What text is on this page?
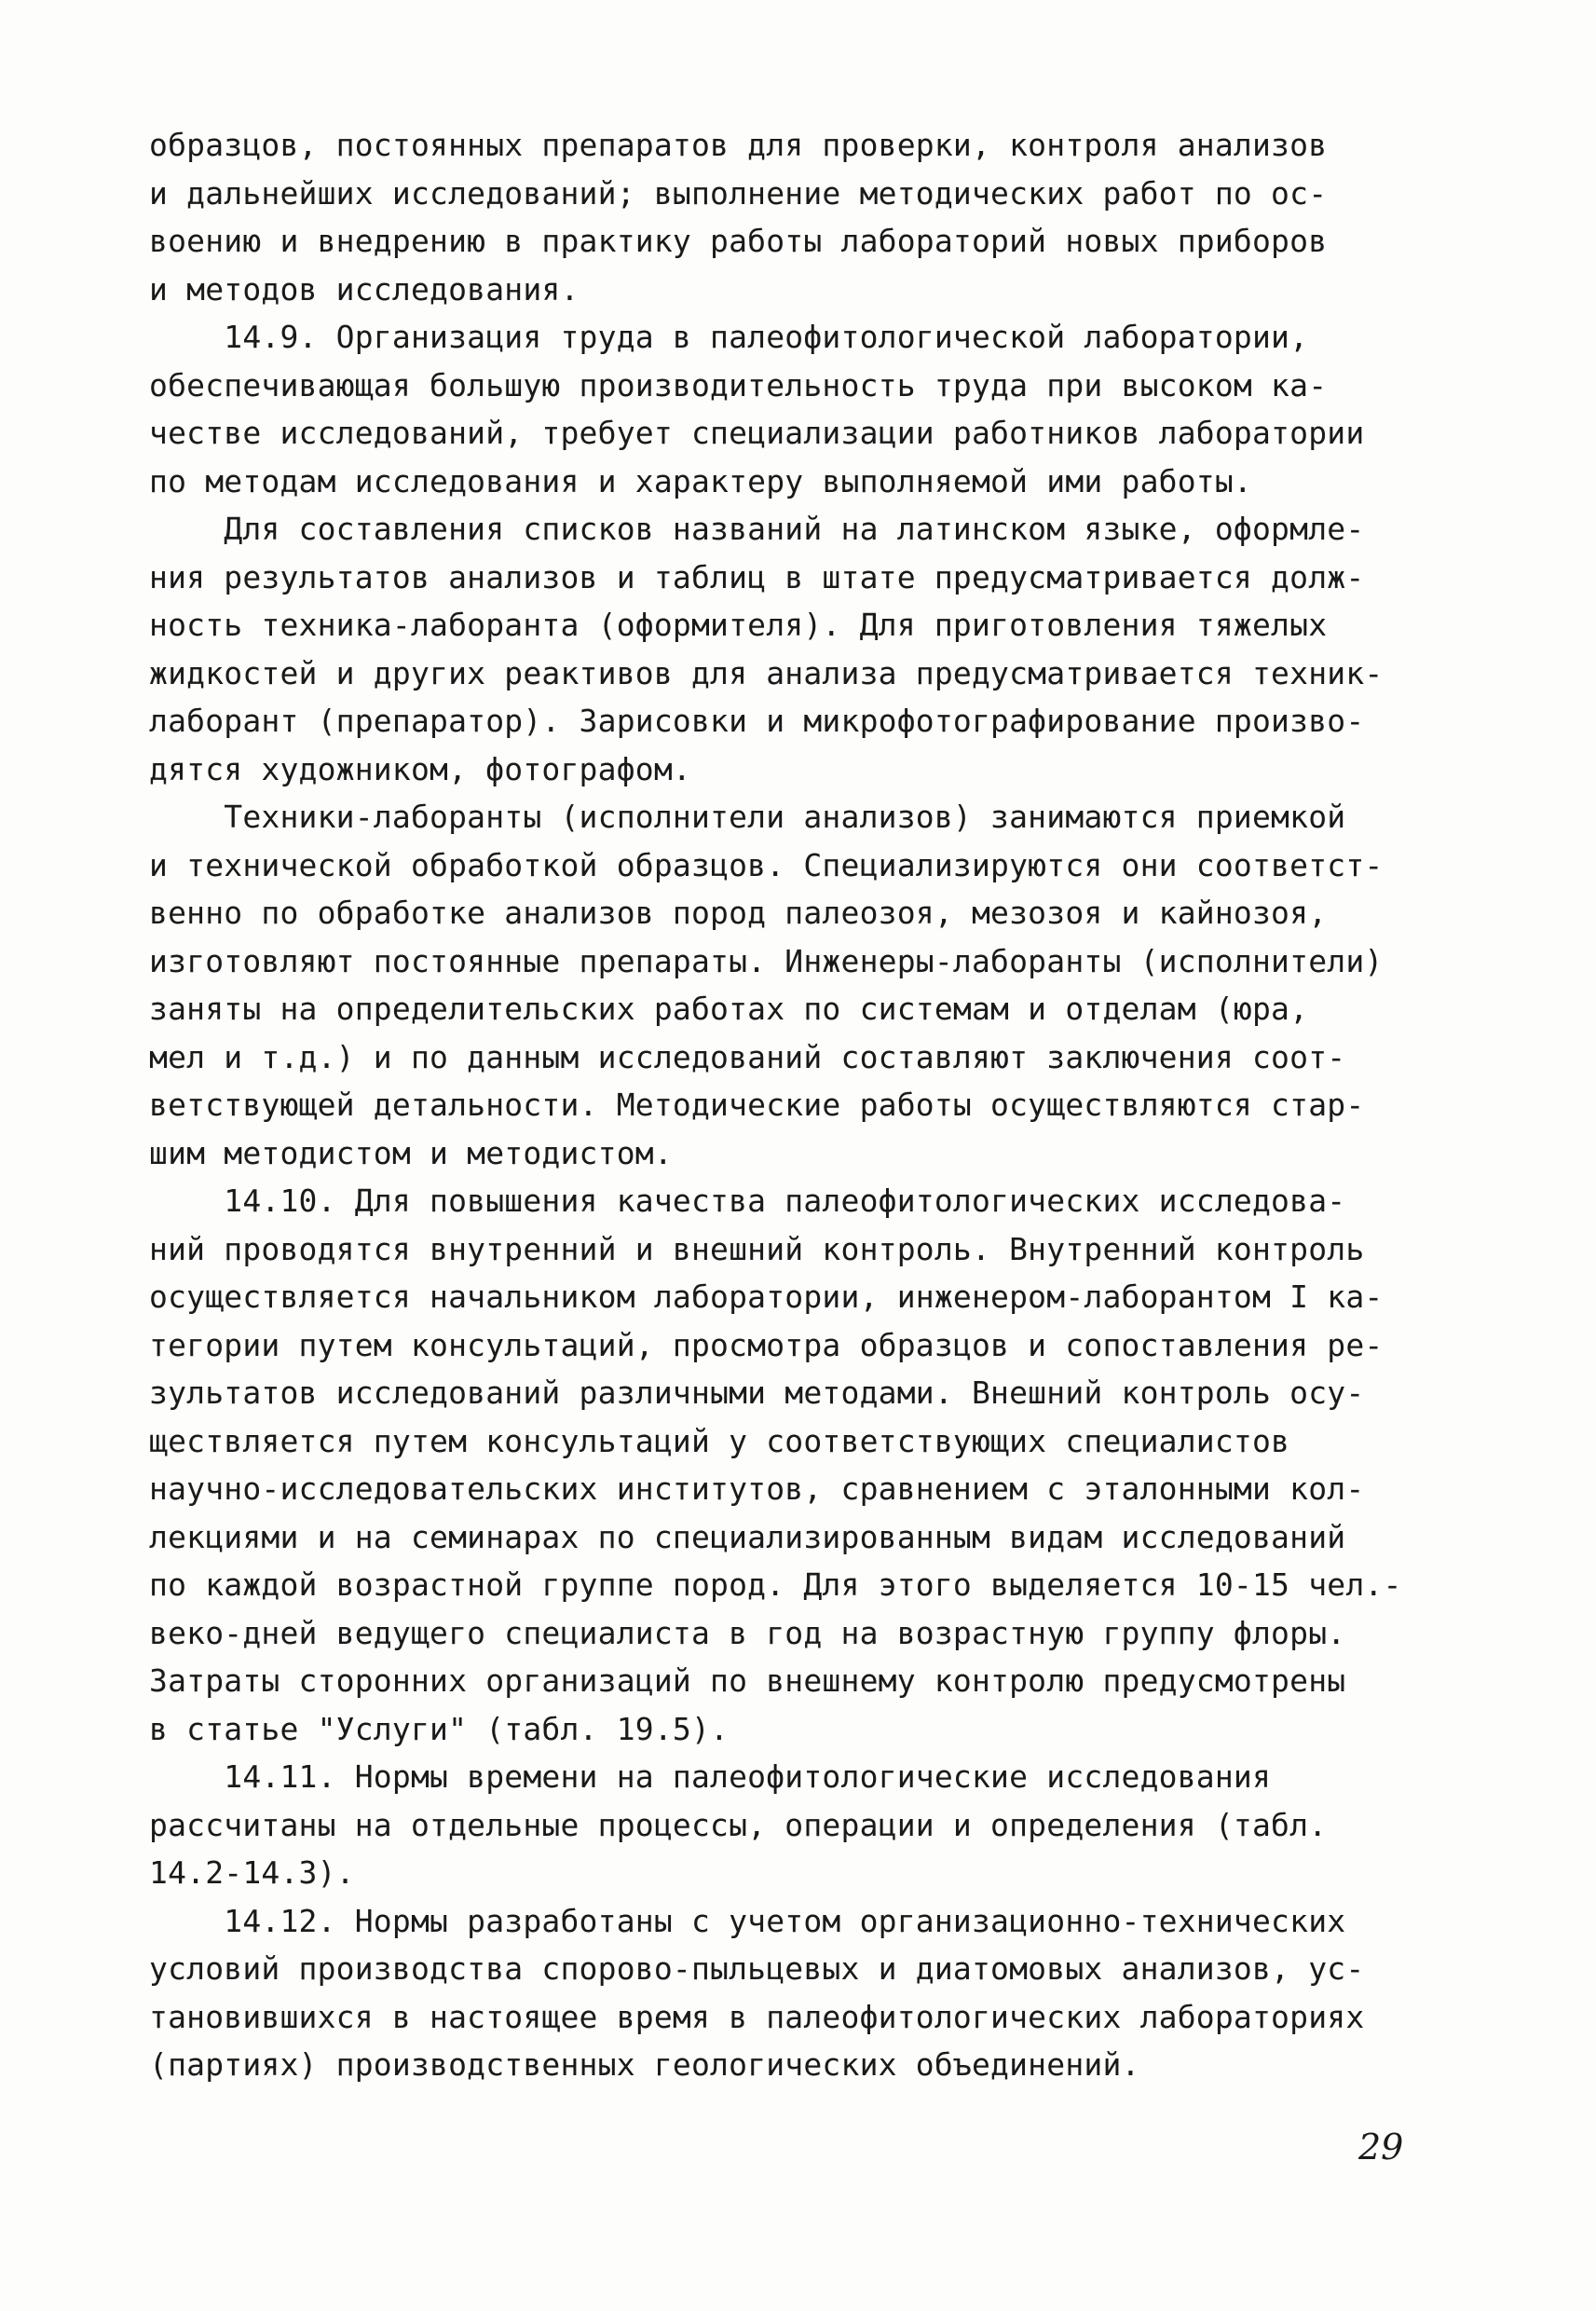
образцов, постоянных препаратов для проверки, контроля анализов
и дальнейших исследований; выполнение методических работ по ос-
воению и внедрению в практику работы лабораторий новых приборов
и методов исследования.
14.9. Организация труда в палеофитологической лаборатории,
обеспечивающая большую производительность труда при высоком ка-
честве исследований, требует специализации работников лаборатории
по методам исследования и характеру выполняемой ими работы.
Для составления списков названий на латинском языке, оформле-
ния результатов анализов и таблиц в штате предусматривается долж-
ность техника-лаборанта (оформителя). Для приготовления тяжелых
жидкостей и других реактивов для анализа предусматривается техник-
лаборант (препаратор). Зарисовки и микрофотографирование произво-
дятся художником, фотографом.
Техники-лаборанты (исполнители анализов) занимаются приемкой
и технической обработкой образцов. Специализируются они соответст-
венно по обработке анализов пород палеозоя, мезозоя и кайнозоя,
изготовляют постоянные препараты. Инженеры-лаборанты (исполнители)
заняты на определительских работах по системам и отделам (юра,
мел и т.д.) и по данным исследований составляют заключения соот-
ветствующей детальности. Методические работы осуществляются стар-
шим методистом и методистом.
14.10. Для повышения качества палеофитологических исследова-
ний проводятся внутренний и внешний контроль. Внутренний контроль
осуществляется начальником лаборатории, инженером-лаборантом I ка-
тегории путем консультаций, просмотра образцов и сопоставления ре-
зультатов исследований различными методами. Внешний контроль осу-
ществляется путем консультаций у соответствующих специалистов
научно-исследовательских институтов, сравнением с эталонными кол-
лекциями и на семинарах по специализированным видам исследований
по каждой возрастной группе пород. Для этого выделяется 10-15 чел.-
веко-дней ведущего специалиста в год на возрастную группу флоры.
Затраты сторонних организаций по внешнему контролю предусмотрены
в статье "Услуги" (табл. 19.5).
14.11. Нормы времени на палеофитологические исследования
рассчитаны на отдельные процессы, операции и определения (табл.
14.2-14.3).
14.12. Нормы разработаны с учетом организационно-технических
условий производства спорово-пыльцевых и диатомовых анализов, ус-
тановившихся в настоящее время в палеофитологических лабораториях
(партиях) производственных геологических объединений.
29
